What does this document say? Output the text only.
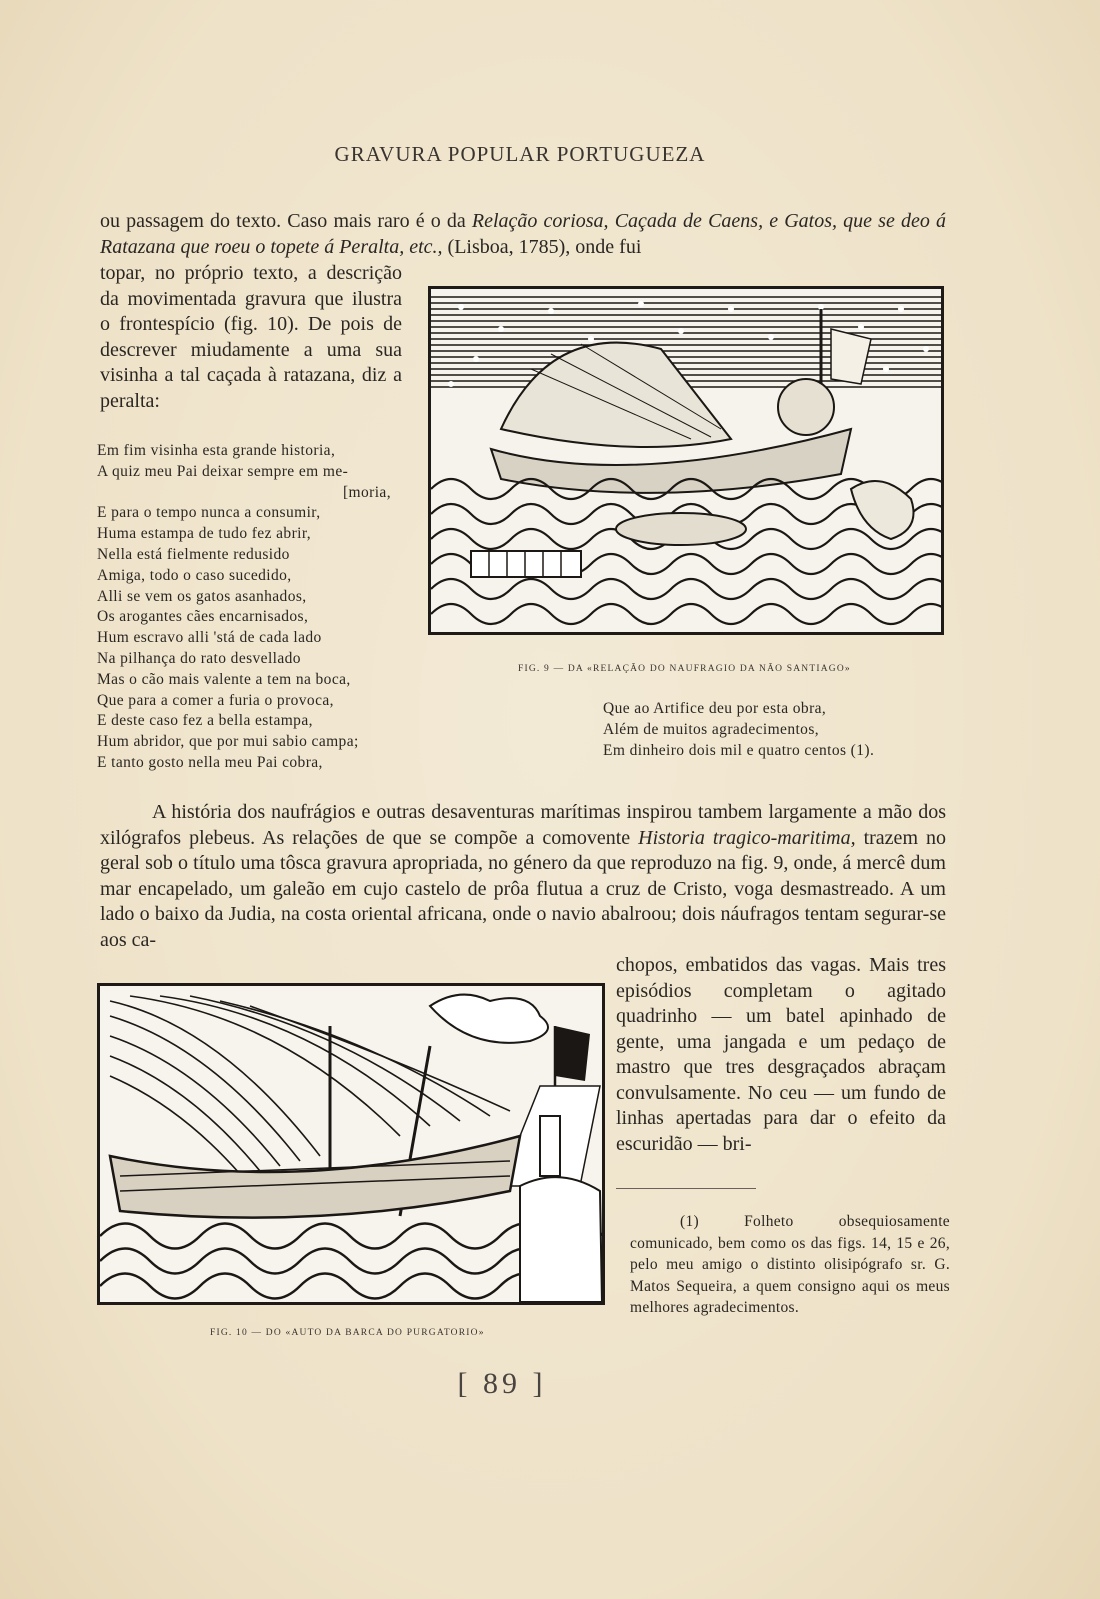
GRAVURA POPULAR PORTUGUEZA
ou passagem do texto. Caso mais raro é o da Relação coriosa, Caçada de Caens, e Gatos, que se deo á Ratazana que roeu o topete á Peralta, etc., (Lisboa, 1785), onde fui
topar, no próprio texto, a descrição da movimentada gravura que ilustra o frontespício (fig. 10). De pois de descrever miudamente a uma sua visinha a tal caçada à ratazana, diz a peralta:
Em fim visinha esta grande historia,
A quiz meu Pai deixar sempre em me-
[moria,
E para o tempo nunca a consumir,
Huma estampa de tudo fez abrir,
Nella está fielmente redusido
Amiga, todo o caso sucedido,
Alli se vem os gatos asanhados,
Os arogantes cães encarnisados,
Hum escravo alli 'stá de cada lado
Na pilhança do rato desvellado
Mas o cão mais valente a tem na boca,
Que para a comer a furia o provoca,
E deste caso fez a bella estampa,
Hum abridor, que por mui sabio campa;
E tanto gosto nella meu Pai cobra,
FIG. 9 — DA «RELAÇÃO DO NAUFRAGIO DA NÃO SANTIAGO»
Que ao Artifice deu por esta obra,
Além de muitos agradecimentos,
Em dinheiro dois mil e quatro centos (1).
A história dos naufrágios e outras desaventuras marítimas inspirou tambem largamente a mão dos xilógrafos plebeus. As relações de que se compõe a comovente Historia tragico-maritima, trazem no geral sob o título uma tôsca gravura apropriada, no género da que reproduzo na fig. 9, onde, á mercê dum mar encapelado, um galeão em cujo castelo de prôa flutua a cruz de Cristo, voga desmastreado. A um lado o baixo da Judia, na costa oriental africana, onde o navio abalroou; dois náufragos tentam segurar-se aos ca-
FIG. 10 — DO «AUTO DA BARCA DO PURGATORIO»
chopos, embatidos das vagas. Mais tres episódios completam o agitado quadrinho — um batel apinhado de gente, uma jangada e um pedaço de mastro que tres desgraçados abraçam convulsamente. No ceu — um fundo de linhas apertadas para dar o efeito da escuridão — bri-
(1) Folheto obsequiosamente comunicado, bem como os das figs. 14, 15 e 26, pelo meu amigo o distinto olisipógrafo sr. G. Matos Sequeira, a quem consigno aqui os meus melhores agradecimentos.
[ 89 ]
